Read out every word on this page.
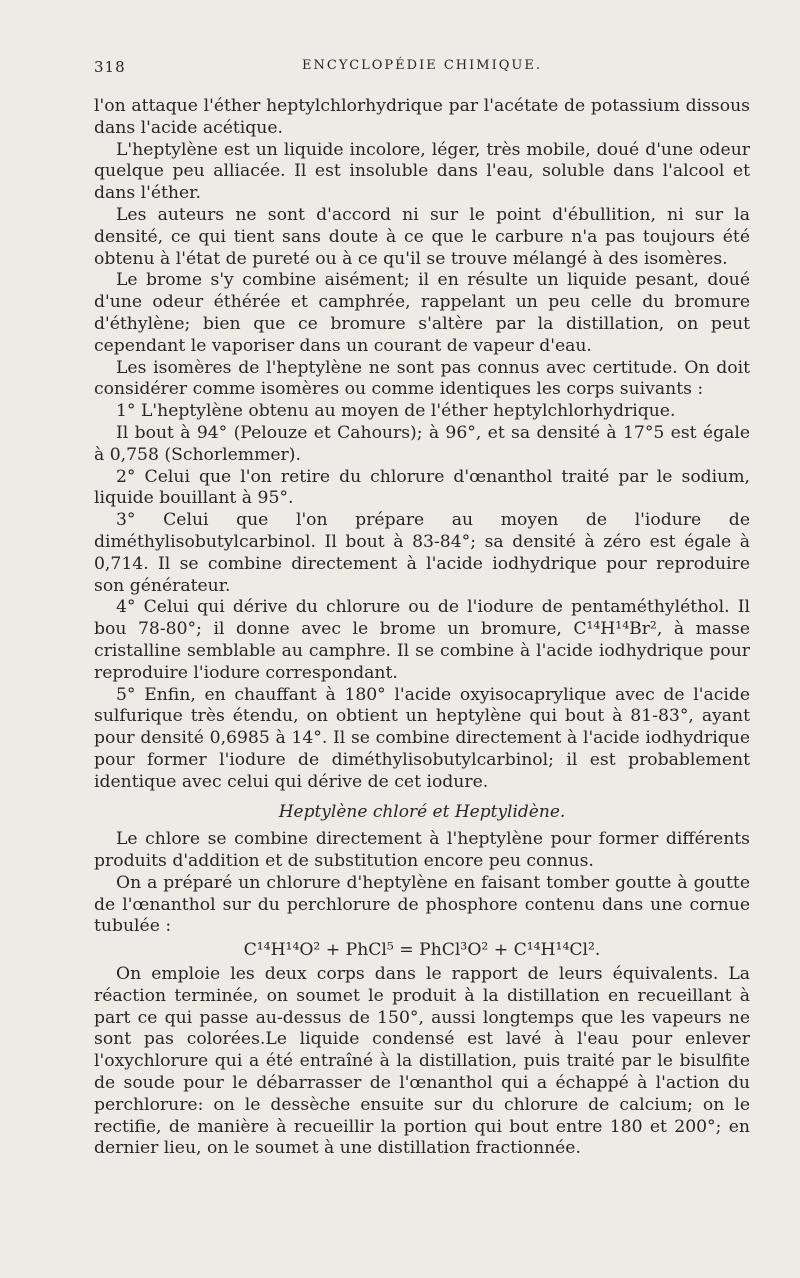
318	ENCYCLOPÉDIE CHIMIQUE.

l'on attaque l'éther heptylchlorhydrique par l'acétate de potassium dissous dans l'acide acétique.

L'heptylène est un liquide incolore, léger, très mobile, doué d'une odeur quelque peu alliacée. Il est insoluble dans l'eau, soluble dans l'alcool et dans l'éther.

Les auteurs ne sont d'accord ni sur le point d'ébullition, ni sur la densité, ce qui tient sans doute à ce que le carbure n'a pas toujours été obtenu à l'état de pureté ou à ce qu'il se trouve mélangé à des isomères.

Le brome s'y combine aisément; il en résulte un liquide pesant, doué d'une odeur éthérée et camphrée, rappelant un peu celle du bromure d'éthylène; bien que ce bromure s'altère par la distillation, on peut cependant le vaporiser dans un courant de vapeur d'eau.

Les isomères de l'heptylène ne sont pas connus avec certitude. On doit considérer comme isomères ou comme identiques les corps suivants :

1° L'heptylène obtenu au moyen de l'éther heptylchlorhydrique.

Il bout à 94° (Pelouze et Cahours); à 96°, et sa densité à 17°5 est égale à 0,758 (Schorlemmer).

2° Celui que l'on retire du chlorure d'œnanthol traité par le sodium, liquide bouillant à 95°.

3° Celui que l'on prépare au moyen de l'iodure de diméthylisobutylcarbinol. Il bout à 83-84°; sa densité à zéro est égale à 0,714. Il se combine directement à l'acide iodhydrique pour reproduire son générateur.

4° Celui qui dérive du chlorure ou de l'iodure de pentaméthyléthol. Il bou 78-80°; il donne avec le brome un bromure, C¹⁴H¹⁴Br², à masse cristalline semblable au camphre. Il se combine à l'acide iodhydrique pour reproduire l'iodure correspondant.

5° Enfin, en chauffant à 180° l'acide oxyisocaprylique avec de l'acide sulfurique très étendu, on obtient un heptylène qui bout à 81-83°, ayant pour densité 0,6985 à 14°. Il se combine directement à l'acide iodhydrique pour former l'iodure de diméthylisobutylcarbinol; il est probablement identique avec celui qui dérive de cet iodure.

Heptylène chloré et Heptylidène.

Le chlore se combine directement à l'heptylène pour former différents produits d'addition et de substitution encore peu connus.

On a préparé un chlorure d'heptylène en faisant tomber goutte à goutte de l'œnanthol sur du perchlorure de phosphore contenu dans une cornue tubulée :

C¹⁴H¹⁴O² + PhCl⁵ = PhCl³O² + C¹⁴H¹⁴Cl².

On emploie les deux corps dans le rapport de leurs équivalents. La réaction terminée, on soumet le produit à la distillation en recueillant à part ce qui passe au-dessus de 150°, aussi longtemps que les vapeurs ne sont pas colorées.Le liquide condensé est lavé à l'eau pour enlever l'oxychlorure qui a été entraîné à la distillation, puis traité par le bisulfite de soude pour le débarrasser de l'œnanthol qui a échappé à l'action du perchlorure: on le dessèche ensuite sur du chlorure de calcium; on le rectifie, de manière à recueillir la portion qui bout entre 180 et 200°; en dernier lieu, on le soumet à une distillation fractionnée.
